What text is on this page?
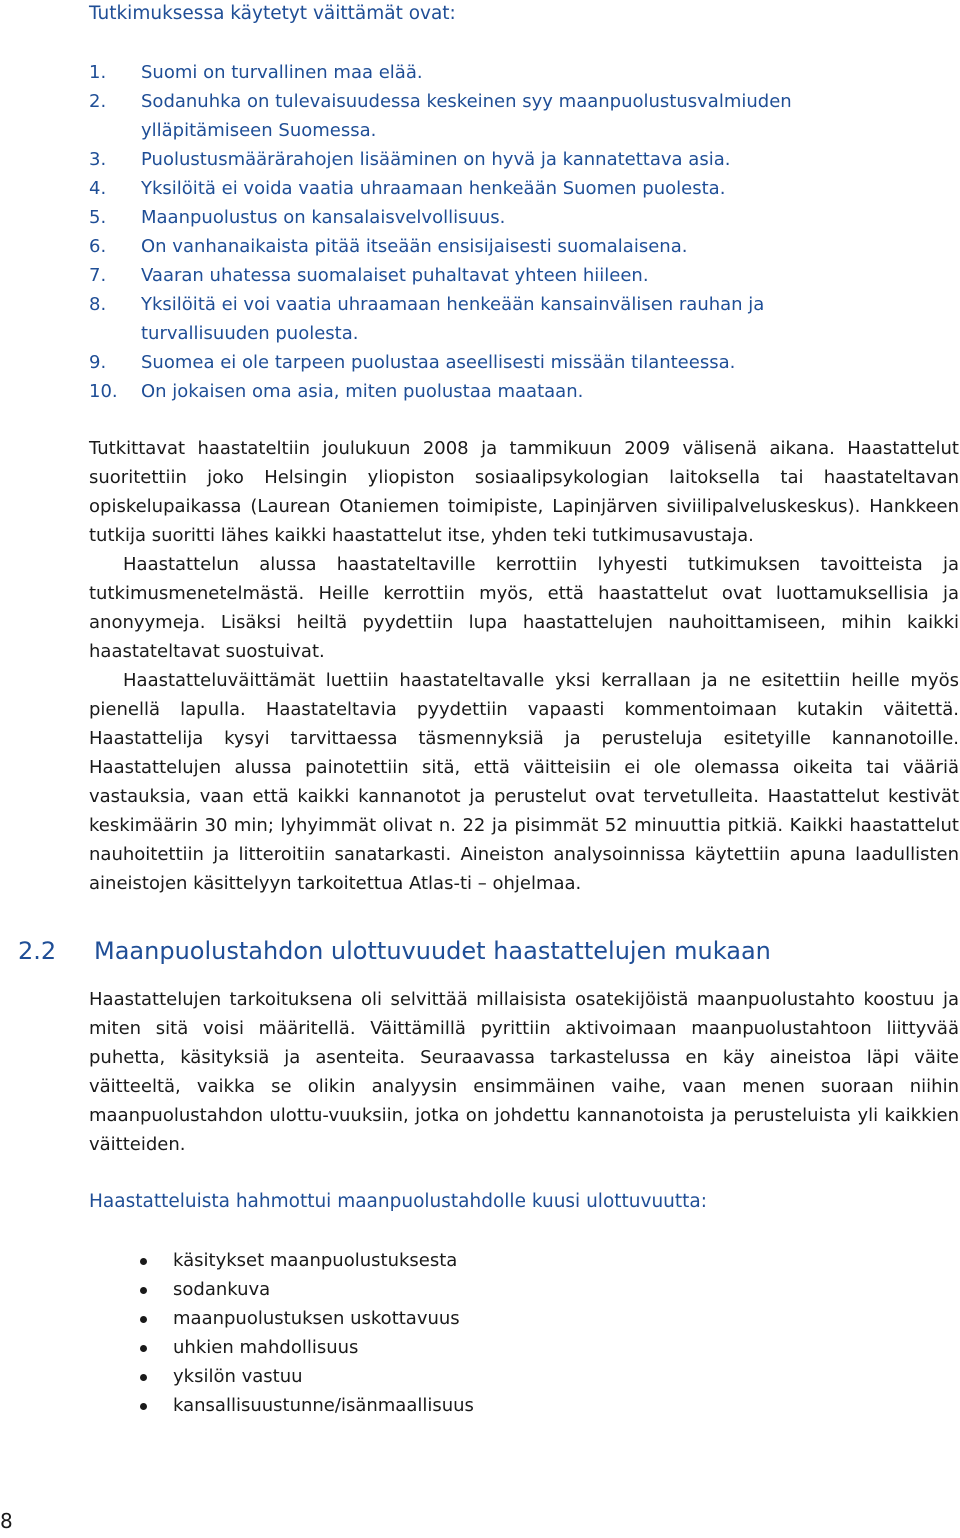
Tutkimuksessa käytetyt väittämät ovat:
1. Suomi on turvallinen maa elää.
2. Sodanuhka on tulevaisuudessa keskeinen syy maanpuolustusvalmiuden ylläpitämiseen Suomessa.
3. Puolustusmäärärahojen lisääminen on hyvä ja kannatettava asia.
4. Yksilöitä ei voida vaatia uhraamaan henkeään Suomen puolesta.
5. Maanpuolustus on kansalaisvelvollisuus.
6. On vanhanaikaista pitää itseään ensisijaisesti suomalaisena.
7. Vaaran uhatessa suomalaiset puhaltavat yhteen hiileen.
8. Yksilöitä ei voi vaatia uhraamaan henkeään kansainvälisen rauhan ja turvallisuuden puolesta.
9. Suomea ei ole tarpeen puolustaa aseellisesti missään tilanteessa.
10. On jokaisen oma asia, miten puolustaa maataan.

Tutkittavat haastateltiin joulukuun 2008 ja tammikuun 2009 välisenä aikana. Haastattelut suoritettiin joko Helsingin yliopiston sosiaalipsykologian laitoksella tai haastateltavan opiskelupaikassa (Laurean Otaniemen toimipiste, Lapinjärven siviilipalveluskeskus). Hankkeen tutkija suoritti lähes kaikki haastattelut itse, yhden teki tutkimusavustaja.

Haastattelun alussa haastateltaville kerrottiin lyhyesti tutkimuksen tavoitteista ja tutkimusmenetelmästä. Heille kerrottiin myös, että haastattelut ovat luottamuksellisia ja anonyymeja. Lisäksi heiltä pyydettiin lupa haastattelujen nauhoittamiseen, mihin kaikki haastateltavat suostuivat.

Haastatteluväittämät luettiin haastateltavalle yksi kerrallaan ja ne esitettiin heille myös pienellä lapulla. Haastateltavia pyydettiin vapaasti kommentoimaan kutakin väitettä. Haastattelija kysyi tarvittaessa täsmennyksiä ja perusteluja esitetyille kannanotoille. Haastattelujen alussa painotettiin sitä, että väitteisiin ei ole olemassa oikeita tai vääriä vastauksia, vaan että kaikki kannanotot ja perustelut ovat tervetulleita. Haastattelut kestivät keskimäärin 30 min; lyhyimmät olivat n. 22 ja pisimmät 52 minuuttia pitkiä. Kaikki haastattelut nauhoitettiin ja litteroitiin sanatarkasti. Aineiston analysoinnissa käytettiin apuna laadullisten aineistojen käsittelyyn tarkoitettua Atlas-ti – ohjelmaa.

2.2 Maanpuolustahdon ulottuvuudet haastattelujen mukaan

Haastattelujen tarkoituksena oli selvittää millaisista osatekijöistä maanpuolustahto koostuu ja miten sitä voisi määritellä. Väittämillä pyrittiin aktivoimaan maanpuolustahtoon liittyvää puhetta, käsityksiä ja asenteita. Seuraavassa tarkastelussa en käy aineistoa läpi väite väitteeltä, vaikka se olikin analyysin ensimmäinen vaihe, vaan menen suoraan niihin maanpuolustahdon ulottu-vuuksiin, jotka on johdettu kannanotoista ja perusteluista yli kaikkien väitteiden.

Haastatteluista hahmottui maanpuolustahdolle kuusi ulottuvuutta:
käsitykset maanpuolustuksesta
sodankuva
maanpuolustuksen uskottavuus
uhkien mahdollisuus
yksilön vastuu
kansallisuustunne/isänmaallisuus
8
